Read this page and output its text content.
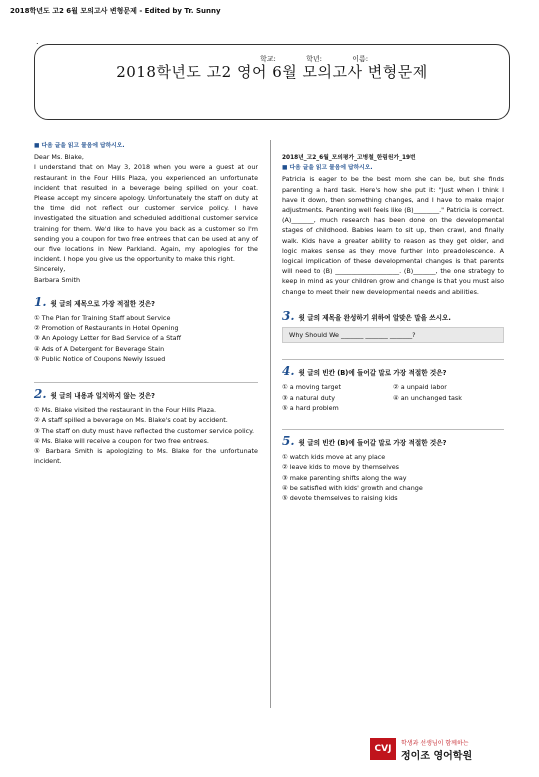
2018학년도 고2 6월 모의고사 변형문제 - Edited by Tr. Sunny
.
2018학년도 고2 영어 6월 모의고사 변형문제
학교:	학년:	이름:

■ 다음 글을 읽고 물음에 답하시오.

Dear Ms. Blake,

I understand that on May 3, 2018 when you were a guest at our restaurant in the Four Hills Plaza, you experienced an unfortunate incident that resulted in a beverage being spilled on your coat. Please accept my sincere apology. Unfortunately the staff on duty at the time did not reflect our customer service policy. I have investigated the situation and scheduled additional customer service training for them. We'd like to have you back as a customer so I'm sending you a coupon for two free entrees that can be used at any of our five locations in New Parkland. Again, my apologies for the incident. I hope you give us the opportunity to make this right.

Sincerely,

Barbara Smith

1. 윗 글의 제목으로 가장 적절한 것은?

① The Plan for Training Staff about Service
② Promotion of Restaurants in Hotel Opening
③ An Apology Letter for Bad Service of a Staff
④ Ads of A Detergent for Beverage Stain
⑤ Public Notice of Coupons Newly Issued

2. 윗 글의 내용과 일치하지 않는 것은?

① Ms. Blake visited the restaurant in the Four Hills Plaza.
② A staff spilled a beverage on Ms. Blake's coat by accident.
③ The staff on duty must have reflected the customer service policy.
④ Ms. Blake will receive a coupon for two free entrees.
⑤ Barbara Smith is apologizing to Ms. Blake for the unfortunate incident.

2018년_고2_6월_모의평가_고병철_한림원가_19번

■ 다음 글을 읽고 물음에 답하시오.

Patricia is eager to be the best mom she can be, but she finds parenting a hard task. Here's how she put it: "Just when I think I have it down, then something changes, and I have to make major adjustments. Parenting well feels like (B)________." Patricia is correct. (A)_______, much research has been done on the developmental stages of childhood. Babies learn to sit up, then crawl, and finally walk. Kids have a greater ability to reason as they get older, and logic makes sense as they move further into preadolescence. A logical implication of these developmental changes is that parents will need to (B) ____________________. (B)_______, the one strategy to keep in mind as your children grow and change is that you must also change to meet their new developmental needs and abilities.

3. 윗 글의 제목을 완성하기 위하여 알맞은 말을 쓰시오.

Why Should We _______ _______ _______?

4. 윗 글의 빈칸 (B)에 들어갈 말로 가장 적절한 것은?

① a moving target	② a unpaid labor
③ a natural duty	④ an unchanged task
⑤ a hard problem

5. 윗 글의 빈칸 (B)에 들어갈 말로 가장 적절한 것은?

① watch kids move at any place
② leave kids to move by themselves
③ make parenting shifts along the way
④ be satisfied with kids' growth and change
⑤ devote themselves to raising kids
CVJ
학생과 선생님이 함께하는
정이조 영어학원
